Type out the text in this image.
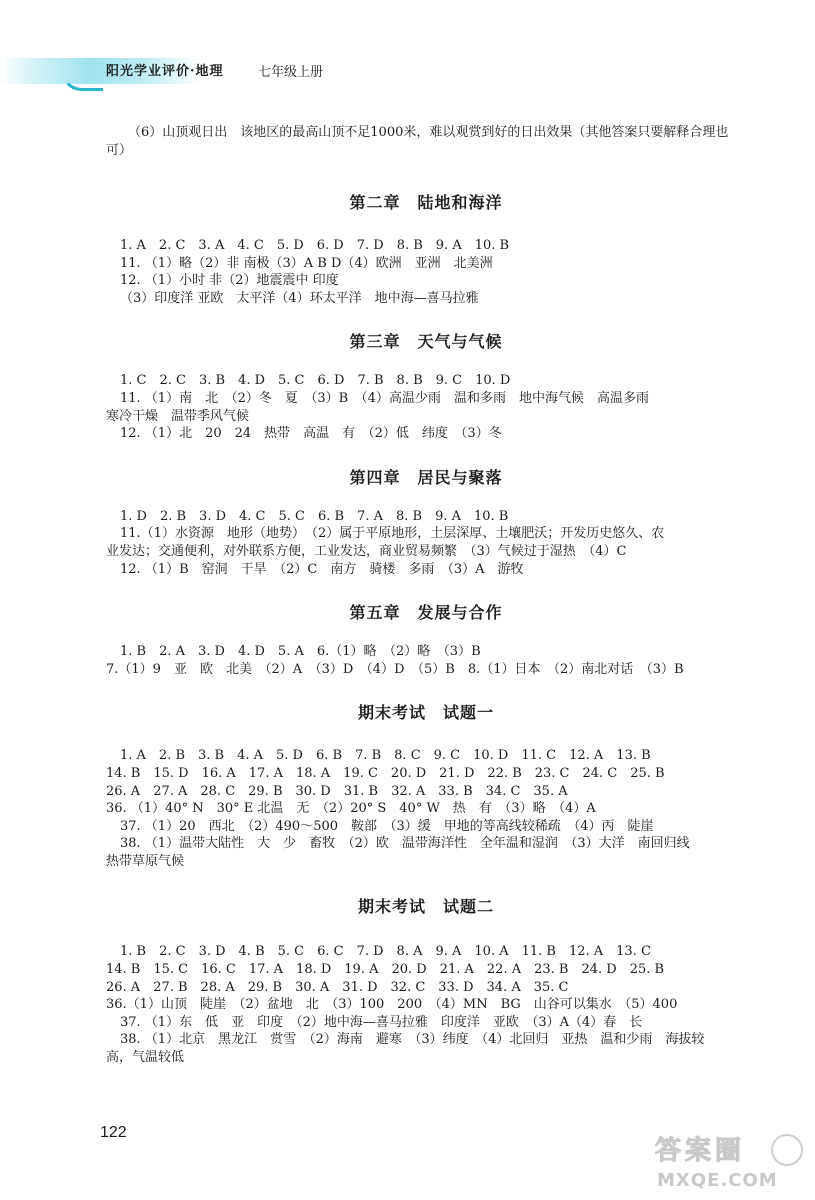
阳光学业评价·地理	七年级上册
（6）山顶观日出　该地区的最高山顶不足1000米，难以观赏到好的日出效果（其他答案只要解释合理也可）
第二章　陆地和海洋
1. A　2. C　3. A　4. C　5. D　6. D　7. D　8. B　9. A　10. B
11. （1）略（2）非 南极（3）A B D（4）欧洲　亚洲　北美洲
12. （1）小时 非（2）地震震中 印度
（3）印度洋 亚欧　太平洋（4）环太平洋　地中海—喜马拉雅
第三章　天气与气候
1. C　2. C　3. B　4. D　5. C　6. D　7. B　8. B　9. C　10. D
11. （1）南　北　（2）冬　夏　（3）B　（4）高温少雨　温和多雨　地中海气候　高温多雨
寒冷干燥　温带季风气候
12. （1）北　20　24　热带　高温　有　（2）低　纬度　（3）冬
第四章　居民与聚落
1. D　2. B　3. D　4. C　5. C　6. B　7. A　8. B　9. A　10. B
11.（1）水资源　地形（地势）　（2）属于平原地形，土层深厚、土壤肥沃；开发历史悠久、农
业发达；交通便利，对外联系方便，工业发达，商业贸易频繁　（3）气候过于湿热　（4）C
12. （1）B　窑洞　干旱　（2）C　南方　骑楼　多雨　（3）A　游牧
第五章　发展与合作
1. B　2. A　3. D　4. D　5. A　6.（1）略　（2）略　（3）B
7.（1）9　亚　欧　北美　（2）A　（3）D　（4）D　（5）B　8.（1）日本　（2）南北对话　（3）B
期末考试　试题一
1. A　2. B　3. B　4. A　5. D　6. B　7. B　8. C　9. C　10. D　11. C　12. A　13. B
14. B　15. D　16. A　17. A　18. A　19. C　20. D　21. D　22. B　23. C　24. C　25. B
26. A　27. A　28. C　29. B　30. D　31. B　32. A　33. B　34. C　35. A
36. （1）40° N　30° E 北温　无　（2）20° S　40° W　热　有　（3）略　（4）A
37. （1）20　西北　（2）490～500　鞍部　（3）缓　甲地的等高线较稀疏　（4）丙　陡崖
38. （1）温带大陆性　大　少　畜牧　（2）欧　温带海洋性　全年温和湿润　（3）大洋　南回归线
热带草原气候
期末考试　试题二
1. B　2. C　3. D　4. B　5. C　6. C　7. D　8. A　9. A　10. A　11. B　12. A　13. C
14. B　15. C　16. C　17. A　18. D　19. A　20. D　21. A　22. A　23. B　24. D　25. B
26. A　27. B　28. A　29. B　30. A　31. D　32. C　33. D　34. A　35. C
36.（1）山顶　陡崖　（2）盆地　北　（3）100　200　（4）MN　BG　山谷可以集水　（5）400
37. （1）东　低　亚　印度　（2）地中海—喜马拉雅　印度洋　亚欧　（3）A（4）春　长
38. （1）北京　黑龙江　赏雪　（2）海南　避寒　（3）纬度　（4）北回归　亚热　温和少雨　海拔较
高，气温较低
122
答案圈
MXQE.COM
